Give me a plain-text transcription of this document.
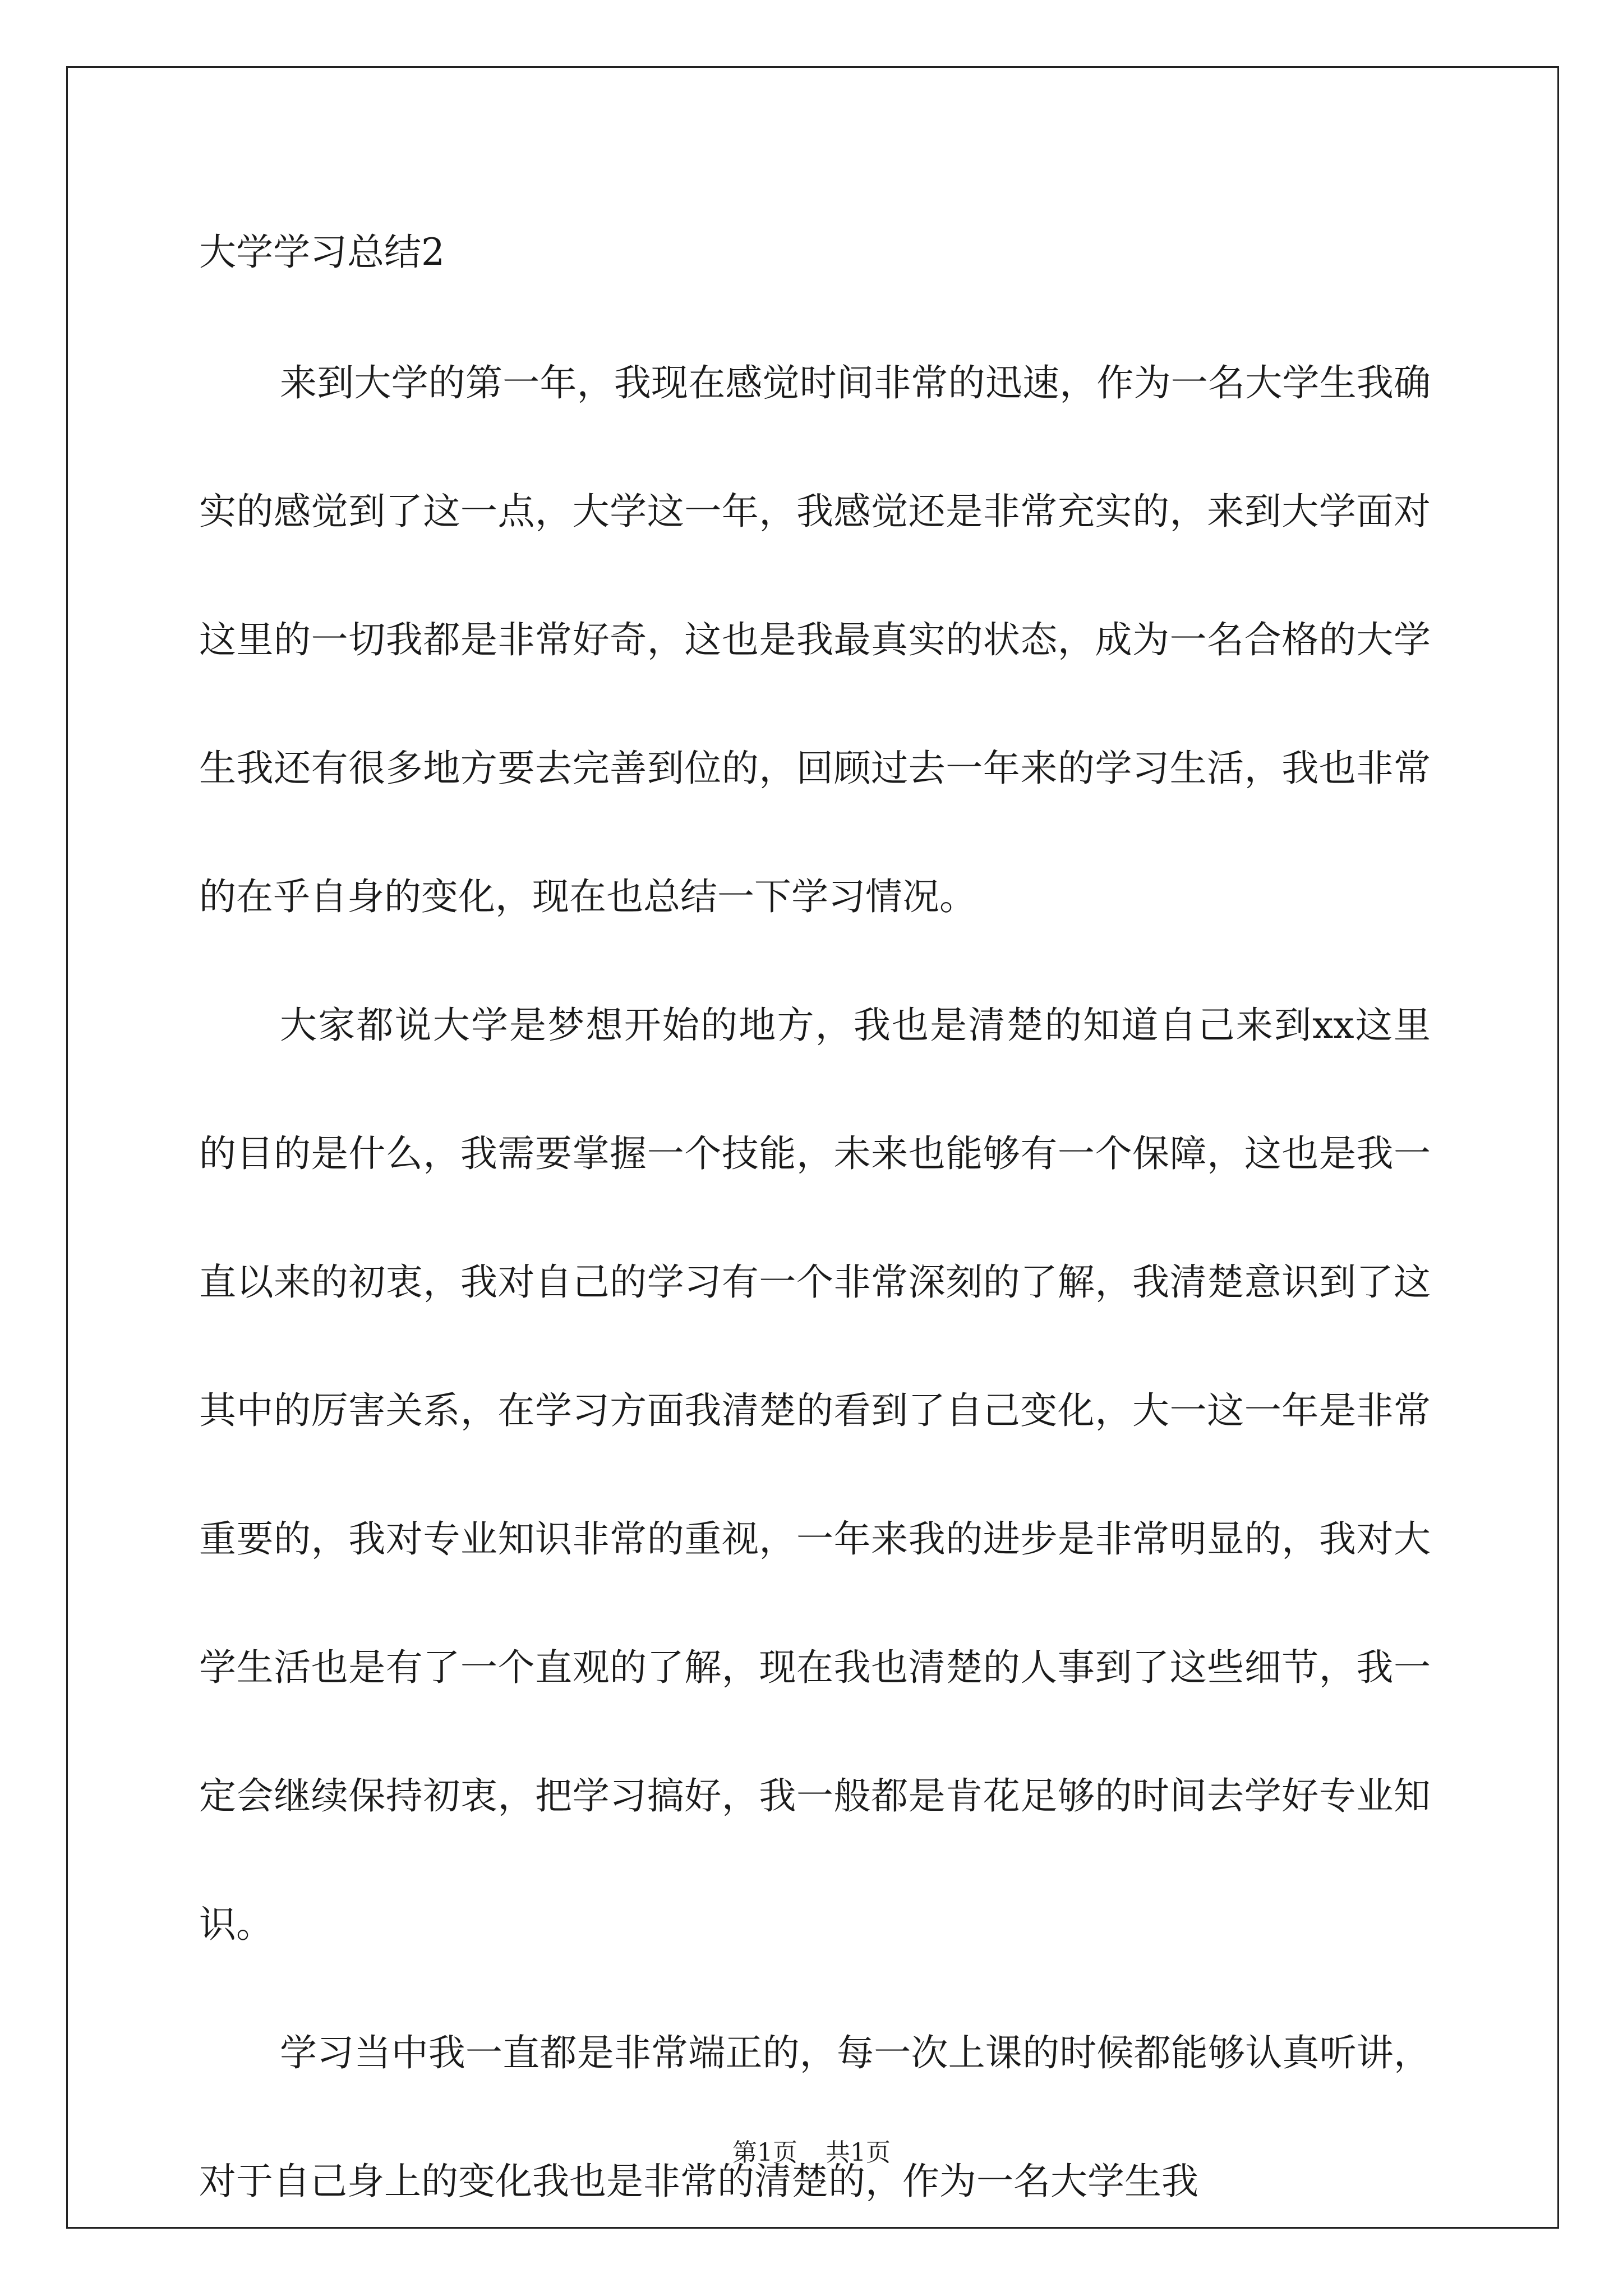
大学学习总结2

来到大学的第一年，我现在感觉时间非常的迅速，作为一名大学生我确实的感觉到了这一点，大学这一年，我感觉还是非常充实的，来到大学面对这里的一切我都是非常好奇，这也是我最真实的状态，成为一名合格的大学生我还有很多地方要去完善到位的，回顾过去一年来的学习生活，我也非常的在乎自身的变化，现在也总结一下学习情况。

大家都说大学是梦想开始的地方，我也是清楚的知道自己来到xx这里的目的是什么，我需要掌握一个技能，未来也能够有一个保障，这也是我一直以来的初衷，我对自己的学习有一个非常深刻的了解，我清楚意识到了这其中的厉害关系，在学习方面我清楚的看到了自己变化，大一这一年是非常重要的，我对专业知识非常的重视，一年来我的进步是非常明显的，我对大学生活也是有了一个直观的了解，现在我也清楚的人事到了这些细节，我一定会继续保持初衷，把学习搞好，我一般都是肯花足够的时间去学好专业知识。

学习当中我一直都是非常端正的，每一次上课的时候都能够认真听讲，对于自己身上的变化我也是非常的清楚的，作为一名大学生我

第1页 共1页
